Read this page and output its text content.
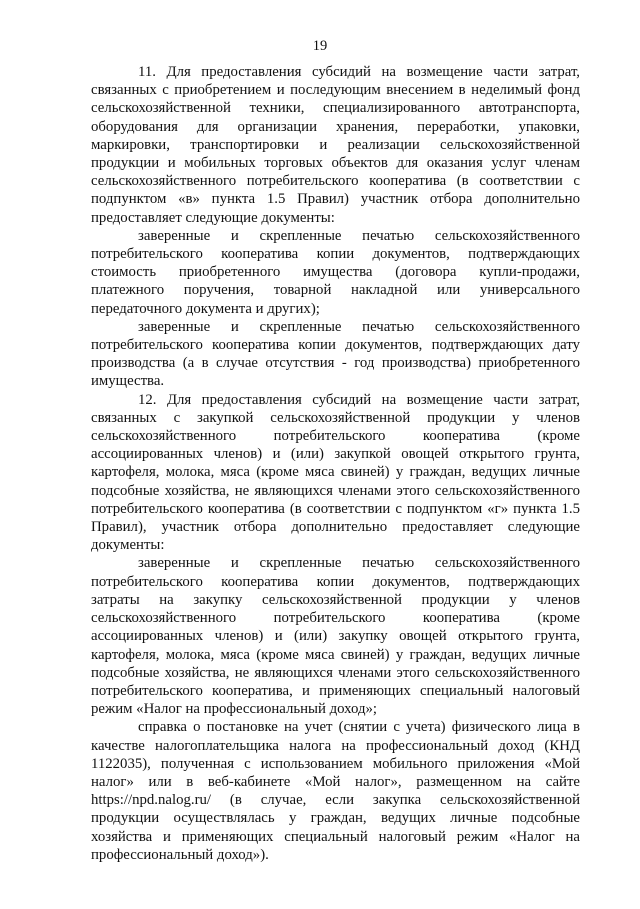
19

11. Для предоставления субсидий на возмещение части затрат,
связанных с приобретением и последующим внесением в неделимый фонд
сельскохозяйственной техники, специализированного автотранспорта,
оборудования для организации хранения, переработки, упаковки,
маркировки, транспортировки и реализации сельскохозяйственной
продукции и мобильных торговых объектов для оказания услуг членам
сельскохозяйственного потребительского кооператива (в соответствии с
подпунктом «в» пункта 1.5 Правил) участник отбора дополнительно
предоставляет следующие документы:

заверенные и скрепленные печатью сельскохозяйственного
потребительского кооператива копии документов, подтверждающих
стоимость приобретенного имущества (договора купли-продажи,
платежного поручения, товарной накладной или универсального
передаточного документа и других);

заверенные и скрепленные печатью сельскохозяйственного
потребительского кооператива копии документов, подтверждающих дату
производства (а в случае отсутствия - год производства) приобретенного
имущества.

12. Для предоставления субсидий на возмещение части затрат,
связанных с закупкой сельскохозяйственной продукции у членов
сельскохозяйственного потребительского кооператива (кроме
ассоциированных членов) и (или) закупкой овощей открытого грунта,
картофеля, молока, мяса (кроме мяса свиней) у граждан, ведущих личные
подсобные хозяйства, не являющихся членами этого сельскохозяйственного
потребительского кооператива (в соответствии с подпунктом «г» пункта 1.5
Правил), участник отбора дополнительно предоставляет следующие
документы:

заверенные и скрепленные печатью сельскохозяйственного
потребительского кооператива копии документов, подтверждающих
затраты на закупку сельскохозяйственной продукции у членов
сельскохозяйственного потребительского кооператива (кроме
ассоциированных членов) и (или) закупку овощей открытого грунта,
картофеля, молока, мяса (кроме мяса свиней) у граждан, ведущих личные
подсобные хозяйства, не являющихся членами этого сельскохозяйственного
потребительского кооператива, и применяющих специальный налоговый
режим «Налог на профессиональный доход»;

справка о постановке на учет (снятии с учета) физического лица в
качестве налогоплательщика налога на профессиональный доход (КНД
1122035), полученная с использованием мобильного приложения «Мой
налог» или в веб-кабинете «Мой налог», размещенном на сайте
https://npd.nalog.ru/ (в случае, если закупка сельскохозяйственной
продукции осуществлялась у граждан, ведущих личные подсобные
хозяйства и применяющих специальный налоговый режим «Налог на
профессиональный доход»).
